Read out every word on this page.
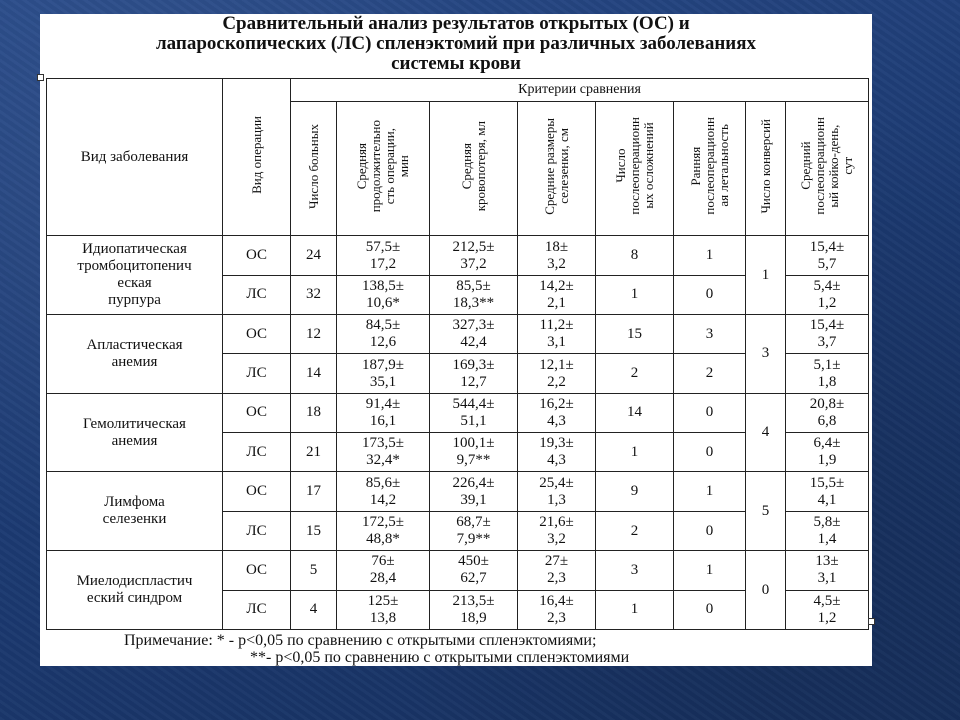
Сравнительный анализ результатов открытых (ОС) и
лапароскопических (ЛС) спленэктомий при различных заболеваниях
системы крови
Вид заболевания	Вид операции	Критерии сравнения							
		Число больных	Средняя
продолжительно
сть операции,
мин	Средняя
кровопотеря, мл	Средние размеры
селезенки, см	Число
послеоперационн
ых осложнений	Ранняя
послеоперационн
ая летальность	Число конверсий	Средний
послеоперационн
ый койко-день,
сут
Идиопатическая
тромбоцитопенич
еская
пурпура	ОС	24	57,5±
17,2	212,5±
37,2	18±
3,2	8	1	1	15,4±
5,7
	ЛС	32	138,5±
10,6*	85,5±
18,3**	14,2±
2,1	1	0		5,4±
1,2
Апластическая
анемия	ОС	12	84,5±
12,6	327,3±
42,4	11,2±
3,1	15	3	3	15,4±
3,7
	ЛС	14	187,9±
35,1	169,3±
12,7	12,1±
2,2	2	2		5,1±
1,8
Гемолитическая
анемия	ОС	18	91,4±
16,1	544,4±
51,1	16,2±
4,3	14	0	4	20,8±
6,8
	ЛС	21	173,5±
32,4*	100,1±
9,7**	19,3±
4,3	1	0		6,4±
1,9
Лимфома
селезенки	ОС	17	85,6±
14,2	226,4±
39,1	25,4±
1,3	9	1	5	15,5±
4,1
	ЛС	15	172,5±
48,8*	68,7±
7,9**	21,6±
3,2	2	0		5,8±
1,4
Миелодиспластич
еский синдром	ОС	5	76±
28,4	450±
62,7	27±
2,3	3	1	0	13±
3,1
	ЛС	4	125±
13,8	213,5±
18,9	16,4±
2,3	1	0		4,5±
1,2
Примечание: * - p<0,05 по сравнению с открытыми спленэктомиями;
**- p<0,05 по сравнению с открытыми спленэктомиями
